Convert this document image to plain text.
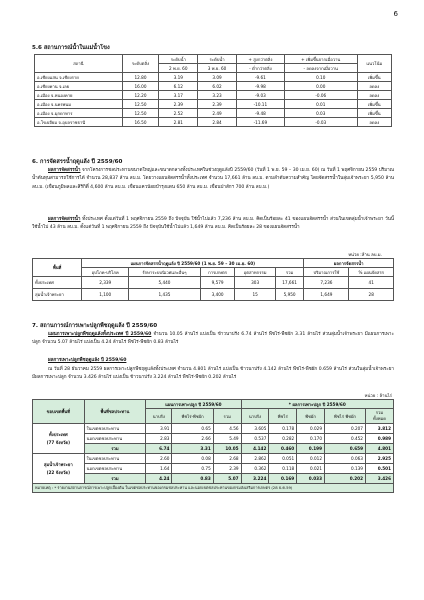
6
5.6 สถานการณ์น้ำในแม่น้ำโขง
สถานี	ระดับตลิ่ง	ระดับน้ำ	ระดับน้ำ	+ สูงกว่าตลิ่ง	+ เพิ่มขึ้นจากเมื่อวาน	แนวโน้ม
		2 พ.ย. 60	3 พ.ย. 60	- ต่ำกว่าตลิ่ง	- ลดลงจากเมื่อวาน	
อ.เชียงแสน จ.เชียงราย	12.80	3.19	3.09	-9.61	0.10	เพิ่มขึ้น
อ.เชียงคาน จ.เลย	16.00	6.12	6.02	-9.98	0.00	ลดลง
อ.เมือง จ.หนองคาย	12.20	3.17	3.23	-9.03	-0.06	ลดลง
อ.เมือง จ.นครพนม	12.50	2.39	2.39	-10.11	0.01	เพิ่มขึ้น
อ.เมือง จ.มุกดาหาร	12.50	2.52	2.49	-9.48	0.03	เพิ่มขึ้น
อ.โขงเจียม จ.อุบลราชธานี	16.50	2.81	2.84	-11.69	-0.03	ลดลง
6. การจัดสรรน้ำฤดูแล้ง ปี 2559/60
ผลการจัดสรรน้ำ จากโครงการชลประทานขนาดใหญ่และขนาดกลางทั้งประเทศในช่วงฤดูแล้งปี 2559/60 (วันที่ 1 พ.ย. 59 – 30 เม.ย. 60) ณ วันที่ 1 พฤศจิกายน 2559 ปริมาณน้ำต้นทุนสามารถใช้การได้ จำนวน 28,837 ล้าน ลบ.ม. โดยวางแผนจัดสรรน้ำทั้งประเทศ จำนวน 17,661 ล้าน ลบ.ม. ตามลำดับความสำคัญ โดยจัดสรรน้ำในลุ่มเจ้าพระยา 5,950 ล้าน ลบ.ม. (เขื่อนภูมิพลและสิริกิติ์ 4,600 ล้าน ลบ.ม. เขื่อนแควน้อยบำรุงแดน 650 ล้าน ลบ.ม. เขื่อนป่าสักฯ 700 ล้าน ลบ.ม.)
ผลการจัดสรรน้ำ ทั้งประเทศ ตั้งแต่วันที่ 1 พฤศจิกายน 2559 ถึง ปัจจุบัน ใช้น้ำไปแล้ว 7,236 ล้าน ลบ.ม. คิดเป็นร้อยละ 41 ของแผนจัดสรรน้ำ ส่วนในเขตลุ่มน้ำเจ้าพระยา วันนี้ใช้น้ำไป 43 ล้าน ลบ.ม. ตั้งแต่วันที่ 1 พฤศจิกายน 2559 ถึง ปัจจุบันใช้น้ำไปแล้ว 1,649 ล้าน ลบ.ม. คิดเป็นร้อยละ 28 ของแผนจัดสรรน้ำ
หน่วย :ล้าน ลบ.ม.
พื้นที่	แผนการจัดสรรน้ำฤดูแล้ง ปี 2559/60 (1 พ.ย. 59 – 30 เม.ย. 60)					ผลการจัดสรรน้ำ	
	อุปโภค-บริโภค	รักษาระบบนิเวศและอื่นๆ	การเกษตร	อุตสาหกรรม	รวม	ปริมาณการใช้	% แผนจัดสรร
ทั้งประเทศ	2,339	5,440	9,579	303	17,661	7,236	41
ลุ่มน้ำเจ้าพระยา	1,100	1,435	3,400	15	5,950	1,649	28
7. สถานการณ์การเพาะปลูกพืชฤดูแล้ง ปี 2559/60
แผนการเพาะปลูกพืชฤดูแล้งทั้งประเทศ ปี 2559/60 จำนวน 10.05 ล้านไร่ แบ่งเป็น ข้าวนาปรัง 6.74 ล้านไร่ พืชไร่-พืชผัก 3.31 ล้านไร่ ส่วนลุ่มน้ำเจ้าพระยา มีแผนการเพาะปลูก จำนวน 5.07 ล้านไร่ แบ่งเป็น 4.24 ล้านไร่ พืชไร่-พืชผัก 0.83 ล้านไร่
ผลการเพาะปลูกพืชฤดูแล้ง ปี 2559/60
ณ วันที่ 28 ธันวาคม 2559 ผลการเพาะปลูกพืชฤดูแล้งทั้งประเทศ จำนวน 4.801 ล้านไร่ แบ่งเป็น ข้าวนาปรัง 4.142 ล้านไร่ พืชไร่-พืชผัก 0.659 ล้านไร่ ส่วนในลุ่มน้ำเจ้าพระยา มีผลการเพาะปลูก จำนวน 3.426 ล้านไร่ แบ่งเป็น ข้าวนาปรัง 3.224 ล้านไร่ พืชไร่-พืชผัก 0.202 ล้านไร่
หน่วย : ล้านไร่
ขอบเขตพื้นที่	พื้นที่ชลประทาน	แผนการเพาะปลูก ปี 2559/60			* ผลการเพาะปลูก ปี 2559/60				
		นาปรัง	พืชไร่-พืชผัก	รวม	นาปรัง	พืชไร่	พืชผัก	พืชไร่ พืชผัก	รวม
ทั้งหมด
ทั้งประเทศ
(77 จังหวัด)	ในเขตชลประทาน	3.91	0.65	4.56	3.605	0.178	0.029	0.207	3.812
	นอกเขตชลประทาน	2.83	2.66	5.49	0.537	0.282	0.170	0.452	0.989
	รวม	6.74	3.31	10.05	4.142	0.460	0.199	0.659	4.801
ลุ่มน้ำเจ้าพระยา
(22 จังหวัด)	ในเขตชลประทาน	2.60	0.08	2.68	2.862	0.051	0.012	0.063	2.925
	นอกเขตชลประทาน	1.64	0.75	2.39	0.362	0.118	0.021	0.139	0.501
	รวม	4.24	0.83	5.07	3.224	0.169	0.033	0.202	3.426
หมายเหตุ : * รายงานสถานการณ์การเพาะปลูกเบื้องต้น ในเขตชลประทานของกรมชลประทาน และนอกเขตชลประทานของกรมส่งเสริมการเกษตร (28 ธ.ค.59)									
